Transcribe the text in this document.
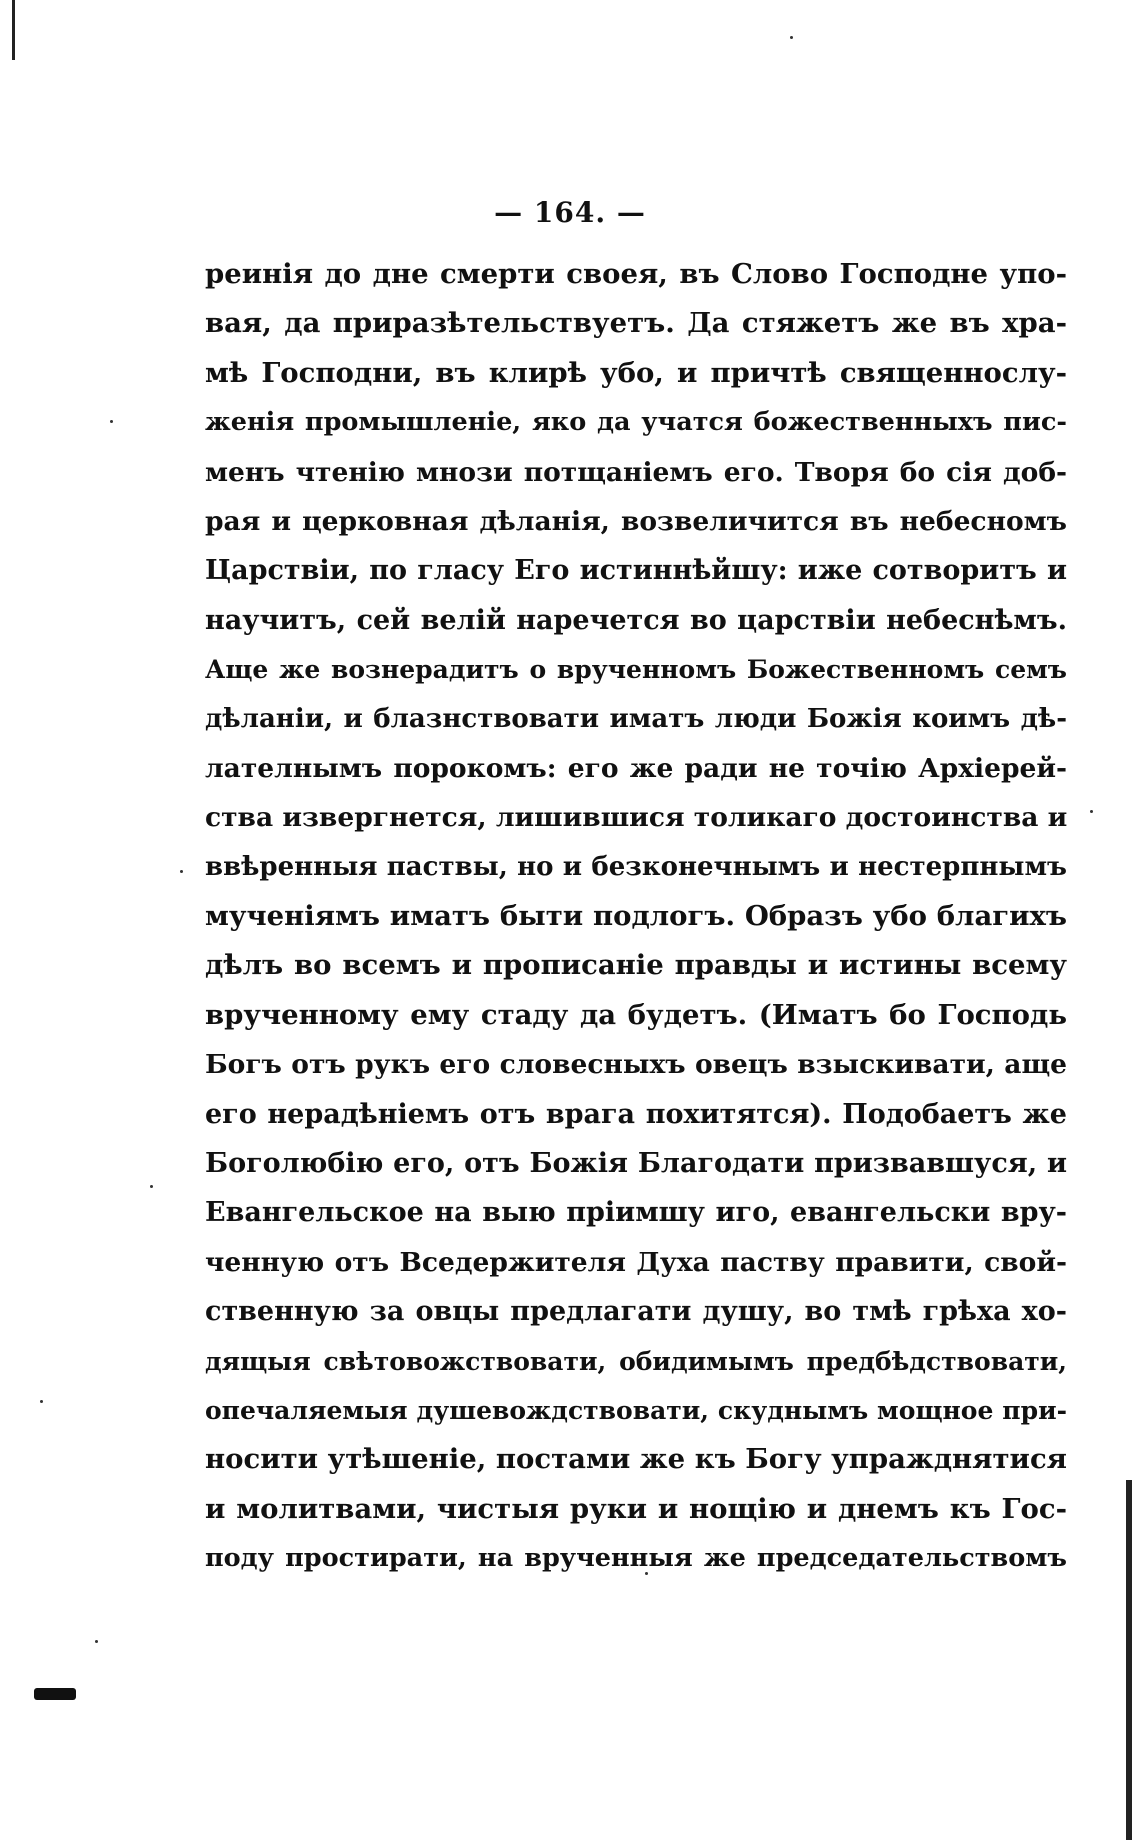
— 164. —
реинія до дне смерти своея, въ Слово Господне упо-
вая, да приразѣтельствуетъ. Да стяжетъ же въ хра-
мѣ Господни, въ клирѣ убо, и причтѣ священнослу-
женія промышленіе, яко да учатся божественныхъ пис-
менъ чтенію мнози потщаніемъ его. Творя бо сія доб-
рая и церковная дѣланія, возвеличится въ небесномъ
Царствіи, по гласу Его истиннѣйшу: иже сотворитъ и
научитъ, сей велій наречется во царствіи небеснѣмъ.
Аще же вознерадитъ о врученномъ Божественномъ семъ
дѣланіи, и блазнствовати иматъ люди Божія коимъ дѣ-
лателнымъ порокомъ: его же ради не точію Архіерей-
ства извергнется, лишившися толикаго достоинства и
ввѣренныя паствы, но и безконечнымъ и нестерпнымъ
мученіямъ иматъ быти подлогъ. Образъ убо благихъ
дѣлъ во всемъ и прописаніе правды и истины всему
врученному ему стаду да будетъ. (Иматъ бо Господь
Богъ отъ рукъ его словесныхъ овецъ взыскивати, аще
его нерадѣніемъ отъ врага похитятся). Подобаетъ же
Боголюбію его, отъ Божія Благодати призвавшуся, и
Евангельское на выю пріимшу иго, евангельски вру-
ченную отъ Вседержителя Духа паству правити, свой-
ственную за овцы предлагати душу, во тмѣ грѣха хо-
дящыя свѣтовожствовати, обидимымъ предбѣдствовати,
опечаляемыя душевождствовати, скуднымъ мощное при-
носити утѣшеніе, постами же къ Богу упражднятися
и молитвами, чистыя руки и нощію и днемъ къ Гос-
поду простирати, на врученныя же председательствомъ
